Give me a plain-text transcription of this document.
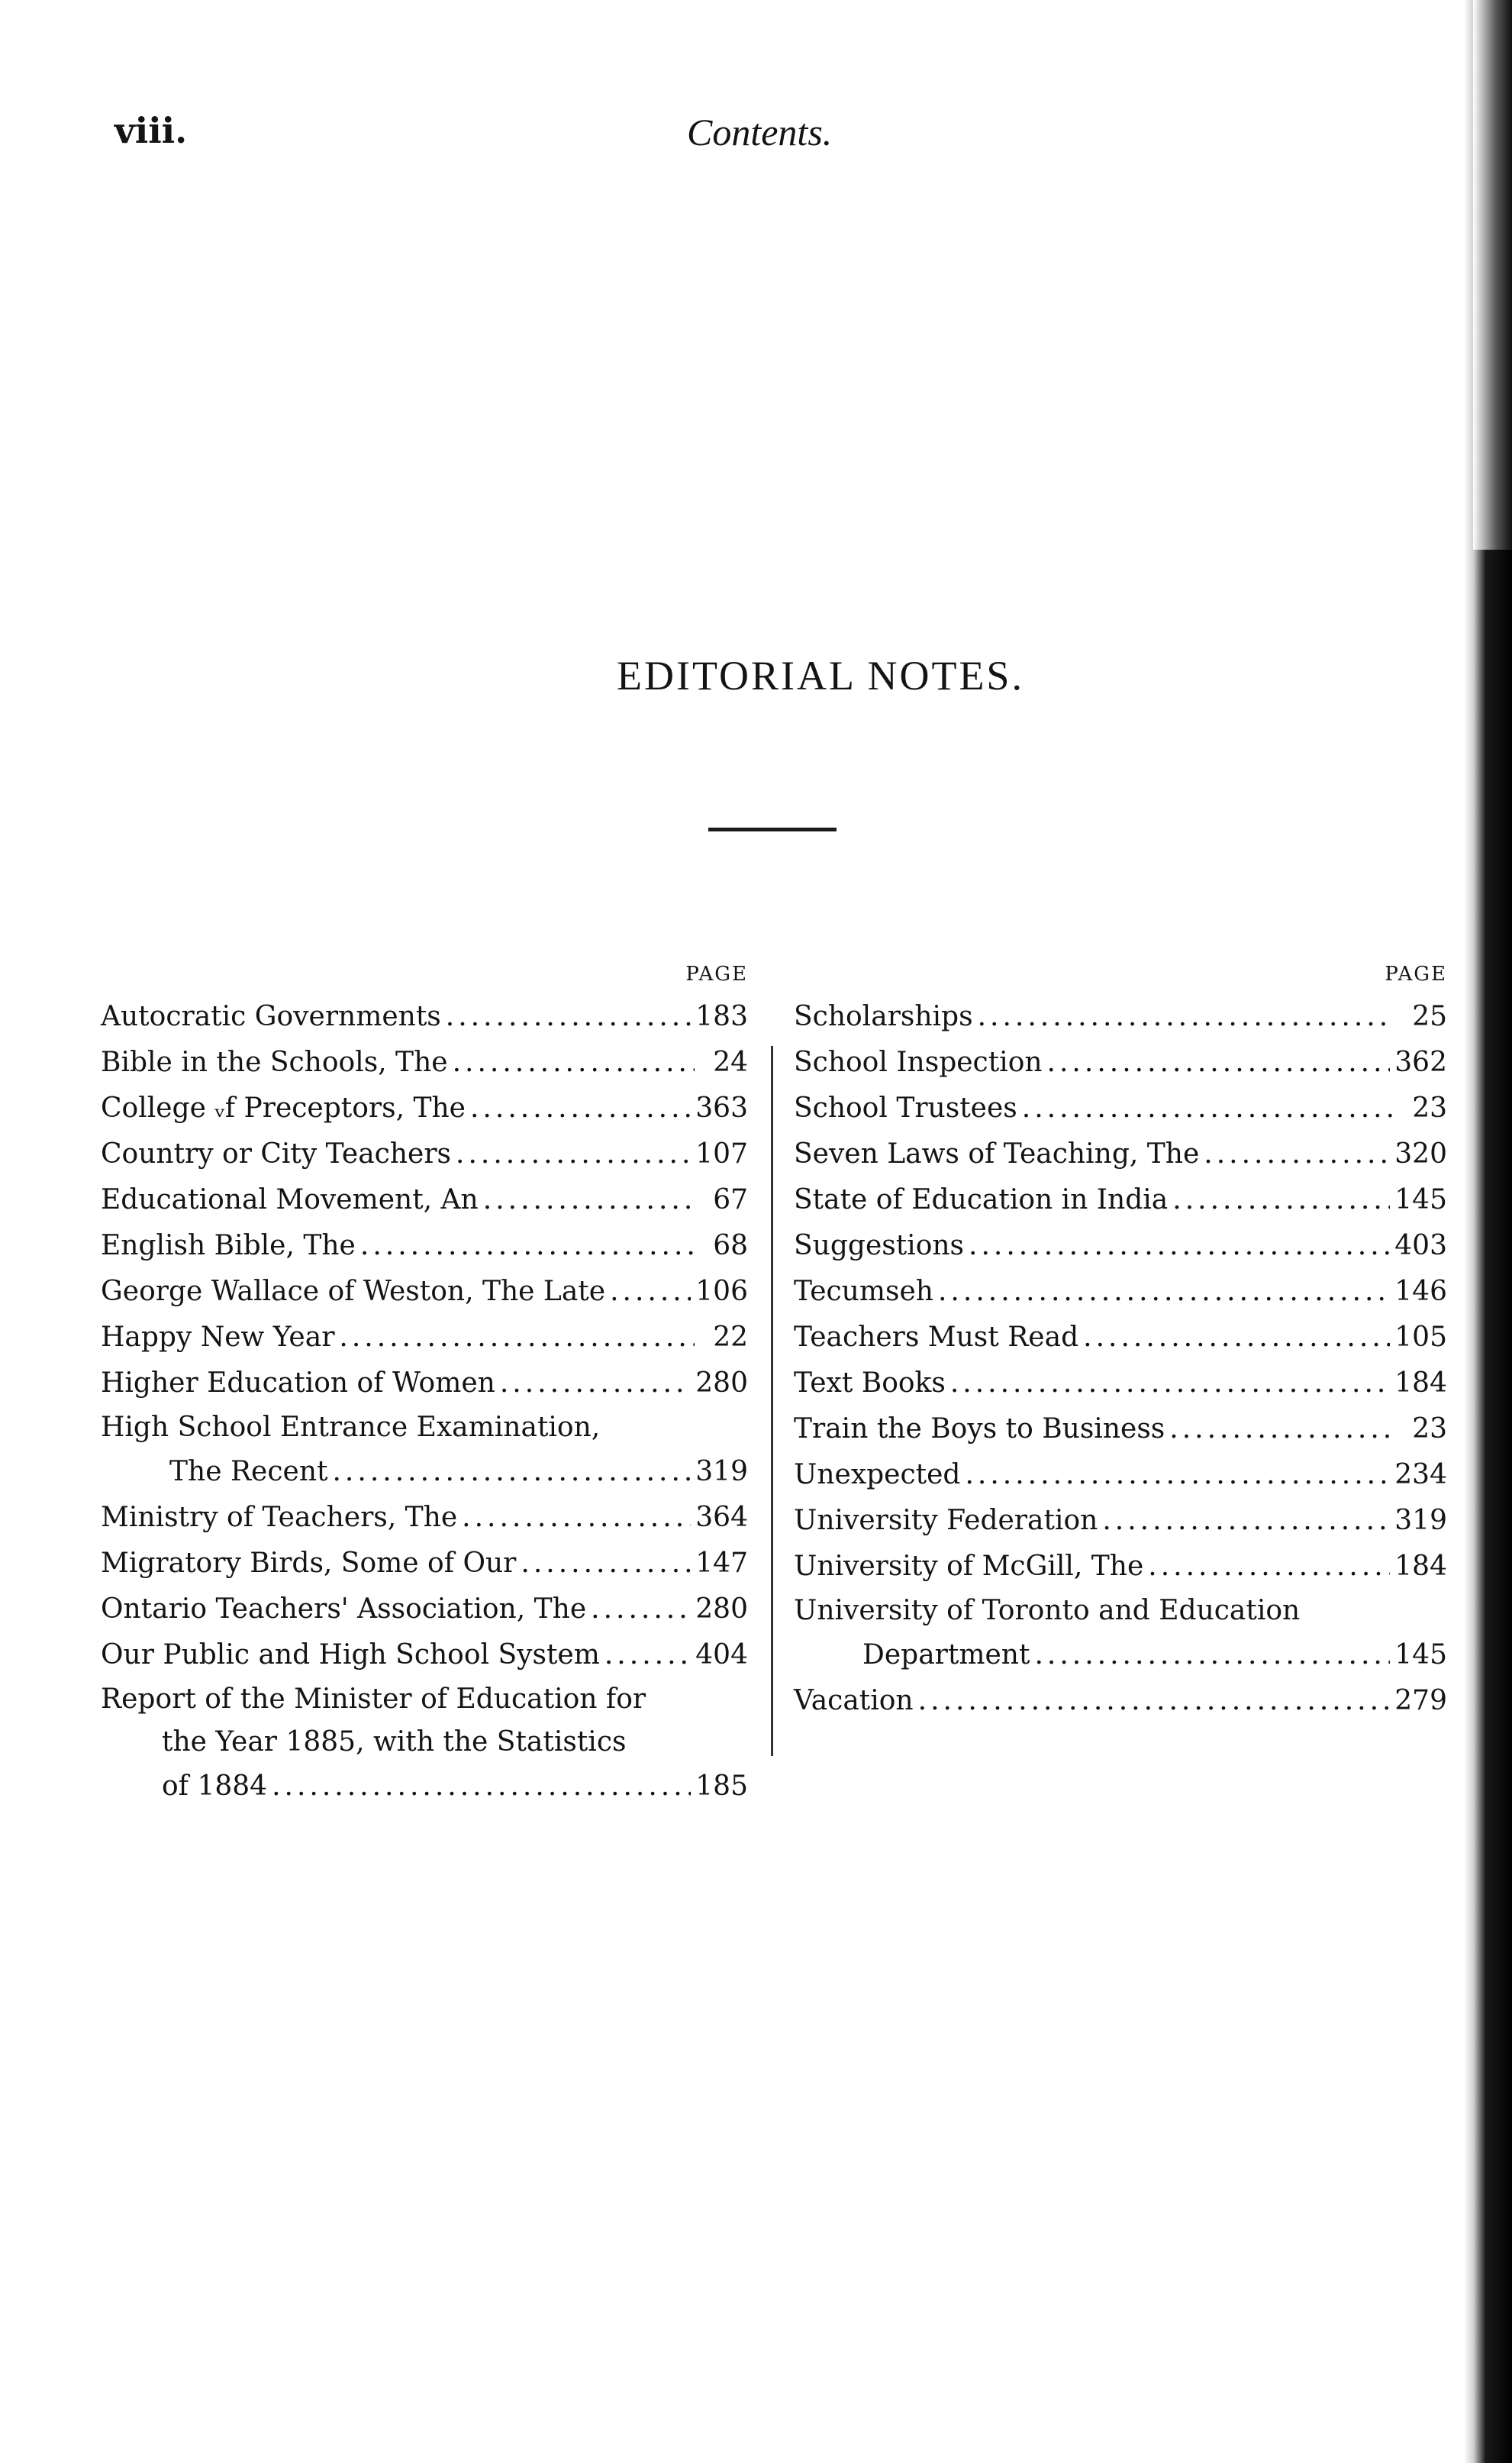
viii.	Contents.
EDITORIAL NOTES.
PAGE
Autocratic Governments .....	183
Bible in the Schools, The .....	24
College ᵥf Preceptors, The .....	363
Country or City Teachers .....	107
Educational Movement, An .....	67
English Bible, The .....	68
George Wallace of Weston, The Late .....	106
Happy New Year .....	22
Higher Education of Women .....	280
High School Entrance Examination,
The Recent .....	319
Ministry of Teachers, The .....	364
Migratory Birds, Some of Our .....	147
Ontario Teachers' Association, The .....	280
Our Public and High School System .....	404
Report of the Minister of Education for
the Year 1885, with the Statistics
of 1884 .....	185
PAGE
Scholarships .....	25
School Inspection .....	362
School Trustees .....	23
Seven Laws of Teaching, The .....	320
State of Education in India .....	145
Suggestions .....	403
Tecumseh .....	146
Teachers Must Read .....	105
Text Books .....	184
Train the Boys to Business .....	23
Unexpected .....	234
University Federation .....	319
University of McGill, The .....	184
University of Toronto and Education
Department .....	145
Vacation .....	279
